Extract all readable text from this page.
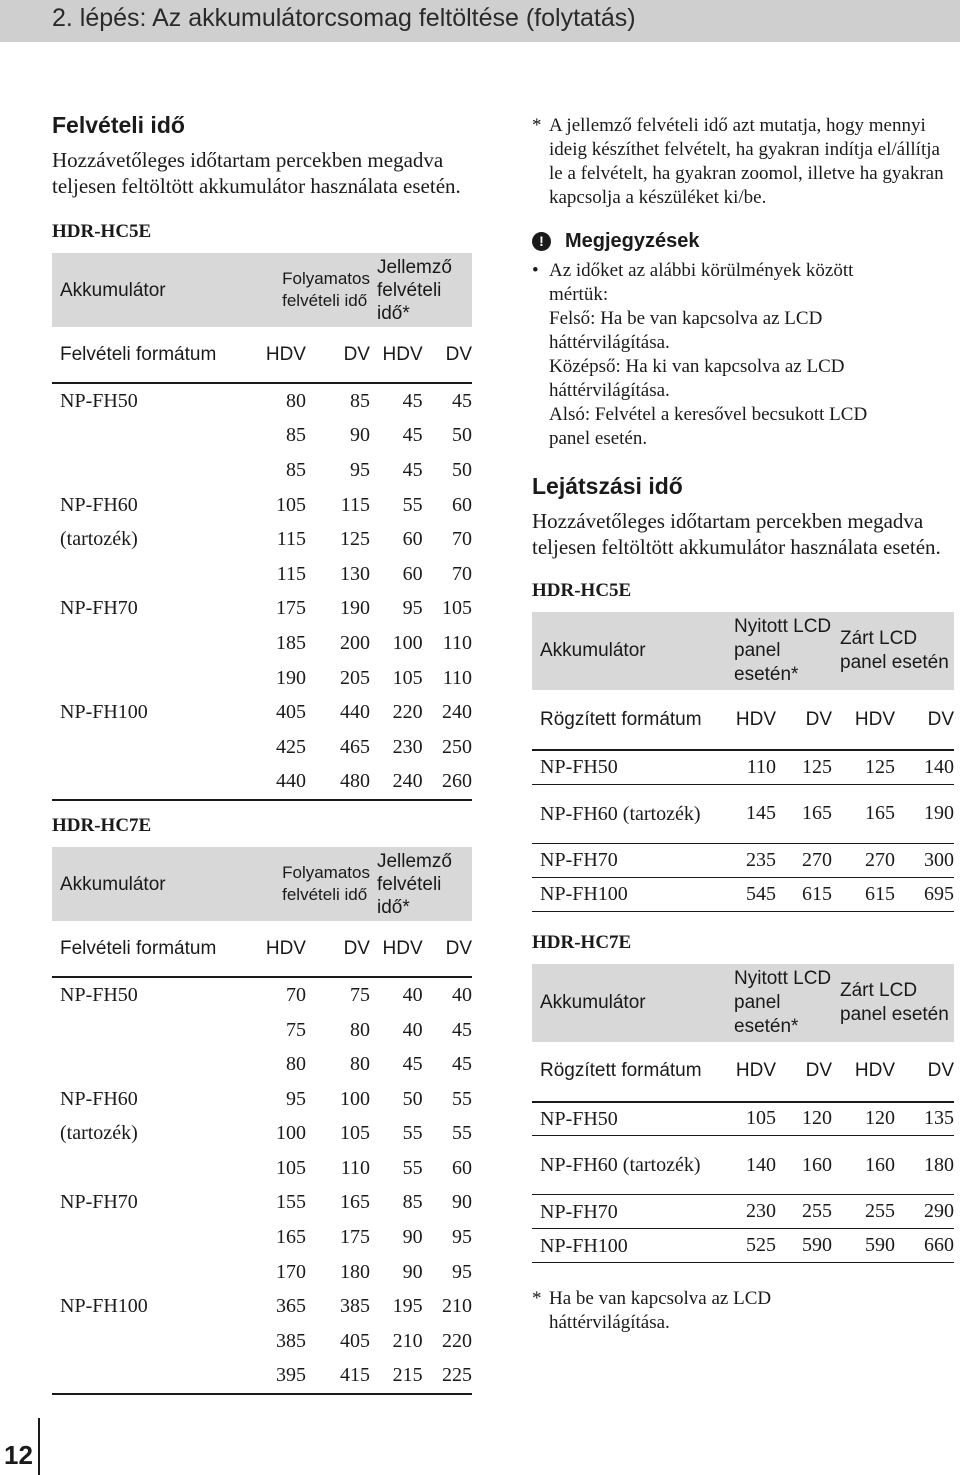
2. lépés: Az akkumulátorcsomag feltöltése (folytatás)

Felvételi idő

Hozzávetőleges időtartam percekben megadva teljesen feltöltött akkumulátor használata esetén.

HDR-HC5E

Akkumulátor	Folyamatos felvételi idő		Jellemző felvételi idő*	
Felvételi formátum	HDV	DV	HDV	DV
NP-FH50	80	85	45	45
	85	90	45	50
	85	95	45	50
NP-FH60	105	115	55	60
(tartozék)	115	125	60	70
	115	130	60	70
NP-FH70	175	190	95	105
	185	200	100	110
	190	205	105	110
NP-FH100	405	440	220	240
	425	465	230	250
	440	480	240	260

HDR-HC7E

Akkumulátor	Folyamatos felvételi idő		Jellemző felvételi idő*	
Felvételi formátum	HDV	DV	HDV	DV
NP-FH50	70	75	40	40
	75	80	40	45
	80	80	45	45
NP-FH60	95	100	50	55
(tartozék)	100	105	55	55
	105	110	55	60
NP-FH70	155	165	85	90
	165	175	90	95
	170	180	90	95
NP-FH100	365	385	195	210
	385	405	210	220
	395	415	215	225
* A jellemző felvételi idő azt mutatja, hogy mennyi ideig készíthet felvételt, ha gyakran indítja el/állítja le a felvételt, ha gyakran zoomol, illetve ha gyakran kapcsolja a készüléket ki/be.
!	Megjegyzések
• Az időket az alábbi körülmények között
mértük:
Felső: Ha be van kapcsolva az LCD
háttérvilágítása.
Középső: Ha ki van kapcsolva az LCD
háttérvilágítása.
Alsó: Felvétel a keresővel becsukott LCD
panel esetén.

Lejátszási idő

Hozzávetőleges időtartam percekben megadva teljesen feltöltött akkumulátor használata esetén.

HDR-HC5E

Akkumulátor	Nyitott LCD panel esetén*		Zárt LCD panel esetén	
Rögzített formátum	HDV	DV	HDV	DV
NP-FH50	110	125	125	140
NP-FH60 (tartozék)	145	165	165	190
NP-FH70	235	270	270	300
NP-FH100	545	615	615	695

HDR-HC7E

Akkumulátor	Nyitott LCD panel esetén*		Zárt LCD panel esetén	
Rögzített formátum	HDV	DV	HDV	DV
NP-FH50	105	120	120	135
NP-FH60 (tartozék)	140	160	160	180
NP-FH70	230	255	255	290
NP-FH100	525	590	590	660
* Ha be van kapcsolva az LCD háttérvilágítása.
12
